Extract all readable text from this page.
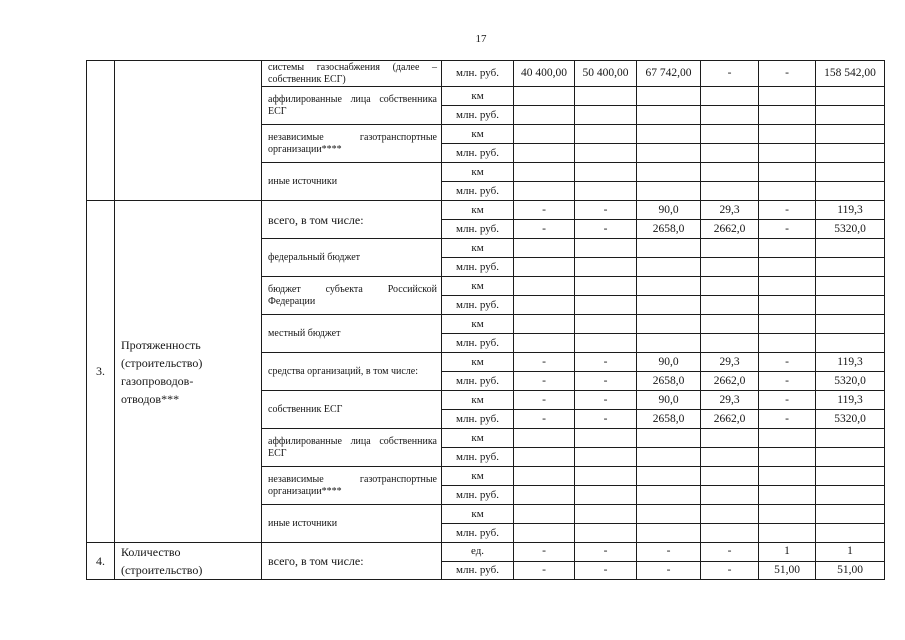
17
		системы газоснабжения (далее – собственник ЕСГ)	млн. руб.	40 400,00	50 400,00	67 742,00	-	-	158 542,00
		аффилированные лица собственника ЕСГ	км						
			млн. руб.						
		независимые газотранспортные организации****	км						
			млн. руб.						
		иные источники	км						
			млн. руб.						
3.	Протяженность (строительство) газопроводов-отводов***	всего, в том числе:	км	-	-	90,0	29,3	-	119,3
			млн. руб.	-	-	2658,0	2662,0	-	5320,0
		федеральный бюджет	км						
			млн. руб.						
		бюджет субъекта Российской Федерации	км						
			млн. руб.						
		местный бюджет	км						
			млн. руб.						
		средства организаций, в том числе:	км	-	-	90,0	29,3	-	119,3
			млн. руб.	-	-	2658,0	2662,0	-	5320,0
		собственник ЕСГ	км	-	-	90,0	29,3	-	119,3
			млн. руб.	-	-	2658,0	2662,0	-	5320,0
		аффилированные лица собственника ЕСГ	км						
			млн. руб.						
		независимые газотранспортные организации****	км						
			млн. руб.						
		иные источники	км						
			млн. руб.						
4.	Количество (строительство)	всего, в том числе:	ед.	-	-	-	-	1	1
			млн. руб.	-	-	-	-	51,00	51,00
